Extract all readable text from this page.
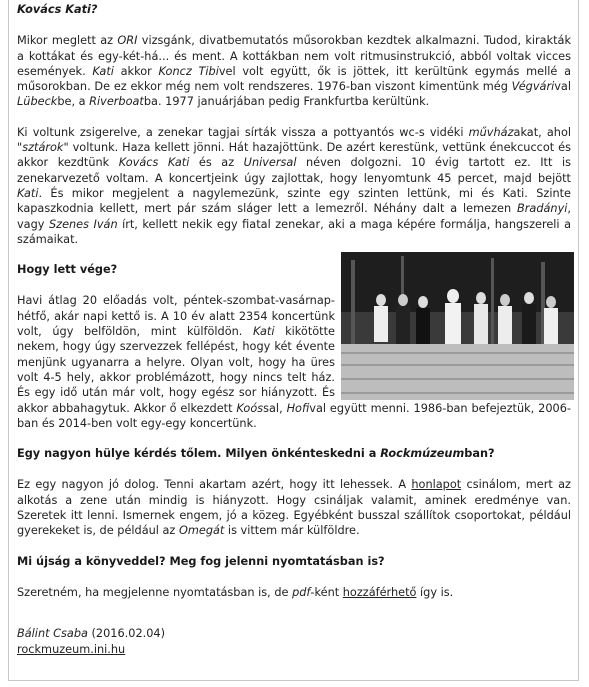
Kovács Kati?

Mikor meglett az ORI vizsgánk, divatbemutatós műsorokban kezdtek alkalmazni. Tudod, kirakták a kottákat és egy-két-há... és ment. A kottákban nem volt ritmusinstrukció, abból voltak vicces események. Kati akkor Koncz Tibivel volt együtt, ők is jöttek, itt kerültünk egymás mellé a műsorokban. De ez ekkor még nem volt rendszeres. 1976-ban viszont kimentünk még Végvárival Lübeckbe, a Riverboatba. 1977 januárjában pedig Frankfurtba kerültünk.

Ki voltunk zsigerelve, a zenekar tagjai sírták vissza a pottyantós wc-s vidéki művházakat, ahol "sztárok" voltunk. Haza kellett jönni. Hát hazajöttünk. De azért kerestünk, vettünk énekcuccot és akkor kezdtünk Kovács Kati és az Universal néven dolgozni. 10 évig tartott ez. Itt is zenekarvezető voltam. A koncertjeink úgy zajlottak, hogy lenyomtunk 45 percet, majd bejött Kati. És mikor megjelent a nagylemezünk, szinte egy szinten lettünk, mi és Kati. Szinte kapaszkodnia kellett, mert pár szám sláger lett a lemezről. Néhány dalt a lemezen Bradányi, vagy Szenes Iván írt, kellett nekik egy fiatal zenekar, aki a maga képére formálja, hangszereli a számaikat.

Hogy lett vége?

Havi átlag 20 előadás volt, péntek-szombat-vasárnap-hétfő, akár napi kettő is. A 10 év alatt 2354 koncertünk volt, úgy belföldön, mint külföldön. Kati kikötötte nekem, hogy úgy szervezzek fellépést, hogy két évente menjünk ugyanarra a helyre. Olyan volt, hogy ha üres volt 4-5 hely, akkor problémázott, hogy nincs telt ház. És egy idő után már volt, hogy egész sor hiányzott. És akkor abbahagytuk. Akkor ő elkezdett Koóssal, Hofival együtt menni. 1986-ban befejeztük, 2006-ban és 2014-ben volt egy-egy koncertünk.

Egy nagyon hülye kérdés tőlem. Milyen önkénteskedni a Rockmúzeumban?

Ez egy nagyon jó dolog. Tenni akartam azért, hogy itt lehessek. A honlapot csinálom, mert az alkotás a zene után mindig is hiányzott. Hogy csináljak valamit, aminek eredménye van. Szeretek itt lenni. Ismernek engem, jó a közeg. Egyébként busszal szállítok csoportokat, például gyerekeket is, de például az Omegát is vittem már külföldre.

Mi újság a könyveddel? Meg fog jelenni nyomtatásban is?

Szeretném, ha megjelenne nyomtatásban is, de pdf-ként hozzáférhető így is.

Bálint Csaba (2016.02.04)
rockmuzeum.ini.hu
